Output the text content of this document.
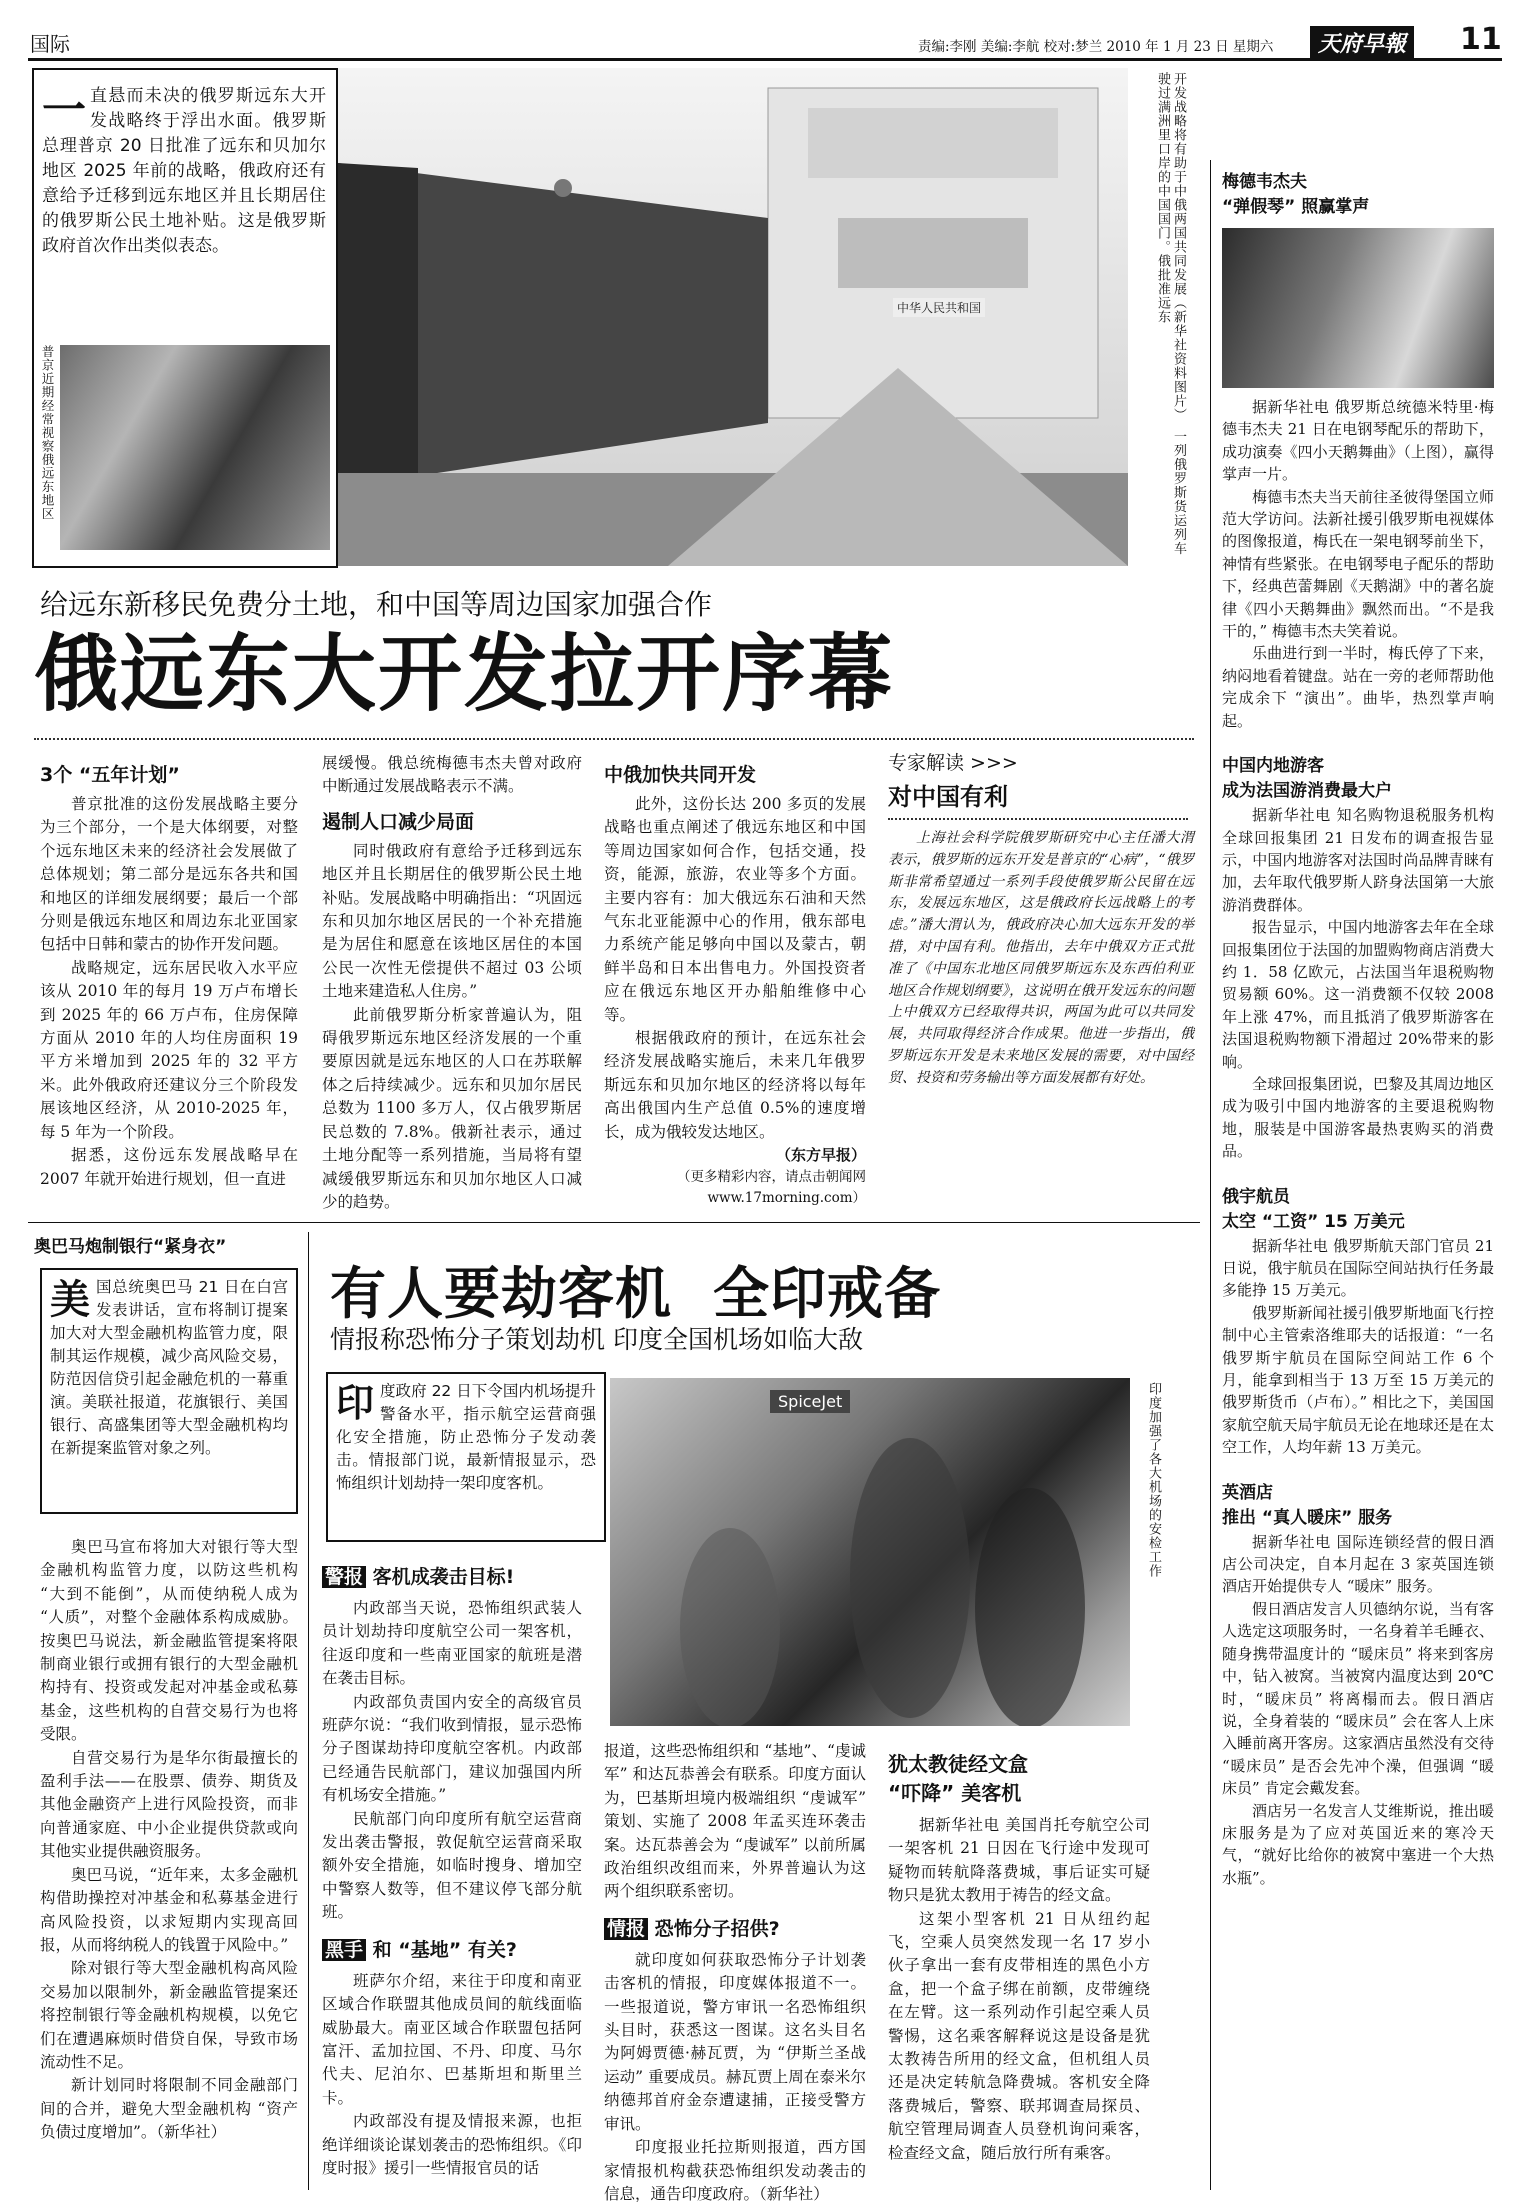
国际	责编:李刚 美编:李航 校对:梦兰 2010 年 1 月 23 日 星期六	天府早報 11
一 直悬而未决的俄罗斯远东大开发战略终于浮出水面。俄罗斯总理普京 20 日批准了远东和贝加尔地区 2025 年前的战略，俄政府还有意给予迁移到远东地区并且长期居住的俄罗斯公民土地补贴。这是俄罗斯政府首次作出类似表态。
普京近期经常视察俄远东地区
中华人民共和国	开发战略将有助于中俄两国共同发展（新华社资料图片）　一列俄罗斯货运列车驶过满洲里口岸的中国国门。俄批准远东
给远东新移民免费分土地，和中国等周边国家加强合作
俄远东大开发拉开序幕
3个 “五年计划”

普京批准的这份发展战略主要分为三个部分，一个是大体纲要，对整个远东地区未来的经济社会发展做了总体规划；第二部分是远东各共和国和地区的详细发展纲要；最后一个部分则是俄远东地区和周边东北亚国家包括中日韩和蒙古的协作开发问题。

战略规定，远东居民收入水平应该从 2010 年的每月 19 万卢布增长到 2025 年的 66 万卢布，住房保障方面从 2010 年的人均住房面积 19 平方米增加到 2025 年的 32 平方米。此外俄政府还建议分三个阶段发展该地区经济，从 2010-2025 年，每 5 年为一个阶段。

据悉，这份远东发展战略早在 2007 年就开始进行规划，但一直进

展缓慢。俄总统梅德韦杰夫曾对政府中断通过发展战略表示不满。

遏制人口减少局面

同时俄政府有意给予迁移到远东地区并且长期居住的俄罗斯公民土地补贴。发展战略中明确指出：“巩固远东和贝加尔地区居民的一个补充措施是为居住和愿意在该地区居住的本国公民一次性无偿提供不超过 03 公顷土地来建造私人住房。”

此前俄罗斯分析家普遍认为，阻碍俄罗斯远东地区经济发展的一个重要原因就是远东地区的人口在苏联解体之后持续减少。远东和贝加尔居民总数为 1100 多万人，仅占俄罗斯居民总数的 7.8%。俄新社表示，通过土地分配等一系列措施，当局将有望减缓俄罗斯远东和贝加尔地区人口减少的趋势。

中俄加快共同开发

此外，这份长达 200 多页的发展战略也重点阐述了俄远东地区和中国等周边国家如何合作，包括交通，投资，能源，旅游，农业等多个方面。主要内容有：加大俄远东石油和天然气东北亚能源中心的作用，俄东部电力系统产能足够向中国以及蒙古，朝鲜半岛和日本出售电力。外国投资者应在俄远东地区开办船舶维修中心等。

根据俄政府的预计，在远东社会经济发展战略实施后，未来几年俄罗斯远东和贝加尔地区的经济将以每年高出俄国内生产总值 0.5%的速度增长，成为俄较发达地区。

（东方早报）
（更多精彩内容，请点击朝闻网
www.17morning.com）
专家解读 >>>
对中国有利
上海社会科学院俄罗斯研究中心主任潘大渭表示，俄罗斯的远东开发是普京的“心病”，“俄罗斯非常希望通过一系列手段使俄罗斯公民留在远东，发展远东地区，这是俄政府长远战略上的考虑。”潘大渭认为，俄政府决心加大远东开发的举措，对中国有利。他指出，去年中俄双方正式批准了《中国东北地区同俄罗斯远东及东西伯利亚地区合作规划纲要》，这说明在俄开发远东的问题上中俄双方已经取得共识，两国为此可以共同发展，共同取得经济合作成果。他进一步指出，俄罗斯远东开发是未来地区发展的需要，对中国经贸、投资和劳务输出等方面发展都有好处。
梅德韦杰夫
“弹假琴” 照赢掌声

据新华社电 俄罗斯总统德米特里·梅德韦杰夫 21 日在电钢琴配乐的帮助下，成功演奏《四小天鹅舞曲》（上图），赢得掌声一片。

梅德韦杰夫当天前往圣彼得堡国立师范大学访问。法新社援引俄罗斯电视媒体的图像报道，梅氏在一架电钢琴前坐下，神情有些紧张。在电钢琴电子配乐的帮助下，经典芭蕾舞剧《天鹅湖》中的著名旋律《四小天鹅舞曲》飘然而出。“不是我干的，” 梅德韦杰夫笑着说。

乐曲进行到一半时，梅氏停了下来，纳闷地看着键盘。站在一旁的老师帮助他完成余下 “演出”。曲毕，热烈掌声响起。

中国内地游客
成为法国游消费最大户

据新华社电 知名购物退税服务机构全球回报集团 21 日发布的调查报告显示，中国内地游客对法国时尚品牌青睐有加，去年取代俄罗斯人跻身法国第一大旅游消费群体。

报告显示，中国内地游客去年在全球回报集团位于法国的加盟购物商店消费大约 1．58 亿欧元，占法国当年退税购物贸易额 60%。这一消费额不仅较 2008 年上涨 47%，而且抵消了俄罗斯游客在法国退税购物额下滑超过 20%带来的影响。

全球回报集团说，巴黎及其周边地区成为吸引中国内地游客的主要退税购物地，服装是中国游客最热衷购买的消费品。

俄宇航员
太空 “工资” 15 万美元

据新华社电 俄罗斯航天部门官员 21 日说，俄宇航员在国际空间站执行任务最多能挣 15 万美元。

俄罗斯新闻社援引俄罗斯地面飞行控制中心主管索洛维耶夫的话报道：“一名俄罗斯宇航员在国际空间站工作 6 个月，能拿到相当于 13 万至 15 万美元的俄罗斯货币（卢布）。” 相比之下，美国国家航空航天局宇航员无论在地球还是在太空工作，人均年薪 13 万美元。

英酒店
推出 “真人暖床” 服务

据新华社电 国际连锁经营的假日酒店公司决定，自本月起在 3 家英国连锁酒店开始提供专人 “暖床” 服务。

假日酒店发言人贝德纳尔说，当有客人选定这项服务时，一名身着羊毛睡衣、随身携带温度计的 “暖床员” 将来到客房中，钻入被窝。当被窝内温度达到 20℃ 时，“暖床员” 将离榻而去。假日酒店说，全身着装的 “暖床员” 会在客人上床入睡前离开客房。这家酒店虽然没有交待 “暖床员” 是否会先冲个澡，但强调 “暖床员” 肯定会戴发套。

酒店另一名发言人艾维斯说，推出暖床服务是为了应对英国近来的寒冷天气，“就好比给你的被窝中塞进一个大热水瓶”。

奥巴马炮制银行“紧身衣”
美 国总统奥巴马 21 日在白宫发表讲话，宣布将制订提案加大对大型金融机构监管力度，限制其运作规模，减少高风险交易，防范因信贷引起金融危机的一幕重演。美联社报道，花旗银行、美国银行、高盛集团等大型金融机构均在新提案监管对象之列。

奥巴马宣布将加大对银行等大型金融机构监管力度，以防这些机构 “大到不能倒”，从而使纳税人成为 “人质”，对整个金融体系构成威胁。按奥巴马说法，新金融监管提案将限制商业银行或拥有银行的大型金融机构持有、投资或发起对冲基金或私募基金，这些机构的自营交易行为也将受限。

自营交易行为是华尔街最擅长的盈利手法——在股票、债券、期货及其他金融资产上进行风险投资，而非向普通家庭、中小企业提供贷款或向其他实业提供融资服务。

奥巴马说，“近年来，太多金融机构借助操控对冲基金和私募基金进行高风险投资，以求短期内实现高回报，从而将纳税人的钱置于风险中。”

除对银行等大型金融机构高风险交易加以限制外，新金融监管提案还将控制银行等金融机构规模，以免它们在遭遇麻烦时借贷自保，导致市场流动性不足。

新计划同时将限制不同金融部门间的合并，避免大型金融机构 “资产负债过度增加”。（新华社）

有人要劫客机  全印戒备
情报称恐怖分子策划劫机 印度全国机场如临大敌
印 度政府 22 日下令国内机场提升警备水平，指示航空运营商强化安全措施，防止恐怖分子发动袭击。情报部门说，最新情报显示，恐怖组织计划劫持一架印度客机。
SpiceJet	印度加强了各大机场的安检工作
警报 客机成袭击目标!

内政部当天说，恐怖组织武装人员计划劫持印度航空公司一架客机，往返印度和一些南亚国家的航班是潜在袭击目标。

内政部负责国内安全的高级官员班萨尔说：“我们收到情报，显示恐怖分子图谋劫持印度航空客机。内政部已经通告民航部门，建议加强国内所有机场安全措施。”

民航部门向印度所有航空运营商发出袭击警报，敦促航空运营商采取额外安全措施，如临时搜身、增加空中警察人数等，但不建议停飞部分航班。

黑手 和 “基地” 有关?

班萨尔介绍，来往于印度和南亚区域合作联盟其他成员间的航线面临威胁最大。南亚区域合作联盟包括阿富汗、孟加拉国、不丹、印度、马尔代夫、尼泊尔、巴基斯坦和斯里兰卡。

内政部没有提及情报来源，也拒绝详细谈论谋划袭击的恐怖组织。《印度时报》援引一些情报官员的话

报道，这些恐怖组织和 “基地”、“虔诚军” 和达瓦恭善会有联系。印度方面认为，巴基斯坦境内极端组织 “虔诚军” 策划、实施了 2008 年孟买连环袭击案。达瓦恭善会为 “虔诚军” 以前所属政治组织改组而来，外界普遍认为这两个组织联系密切。

情报 恐怖分子招供?

就印度如何获取恐怖分子计划袭击客机的情报，印度媒体报道不一。一些报道说，警方审讯一名恐怖组织头目时，获悉这一图谋。这名头目名为阿姆贾德·赫瓦贾，为 “伊斯兰圣战运动” 重要成员。赫瓦贾上周在泰米尔纳德邦首府金奈遭逮捕，正接受警方审讯。

印度报业托拉斯则报道，西方国家情报机构截获恐怖组织发动袭击的信息，通告印度政府。（新华社）

犹太教徒经文盒
“吓降” 美客机

据新华社电 美国肖托夸航空公司一架客机 21 日因在飞行途中发现可疑物而转航降落费城，事后证实可疑物只是犹太教用于祷告的经文盒。

这架小型客机 21 日从纽约起飞，空乘人员突然发现一名 17 岁小伙子拿出一套有皮带相连的黑色小方盒，把一个盒子绑在前额，皮带缠绕在左臂。这一系列动作引起空乘人员警惕，这名乘客解释说这是设备是犹太教祷告所用的经文盒，但机组人员还是决定转航急降费城。客机安全降落费城后，警察、联邦调查局探员、航空管理局调查人员登机询问乘客，检查经文盒，随后放行所有乘客。
